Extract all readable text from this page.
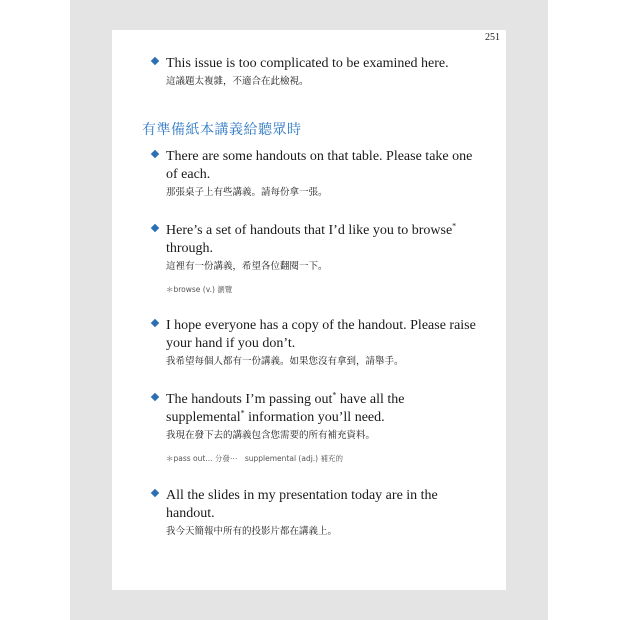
251
This issue is too complicated to be examined here.
這議題太複雜，不適合在此檢視。
有準備紙本講義給聽眾時
There are some handouts on that table. Please take one of each.
那張桌子上有些講義。請每份拿一張。
Here’s a set of handouts that I’d like you to browse* through.
這裡有一份講義，希望各位翻閱一下。
＊browse (v.) 瀏覽
I hope everyone has a copy of the handout. Please raise your hand if you don’t.
我希望每個人都有一份講義。如果您沒有拿到，請舉手。
The handouts I’m passing out* have all the supplemental* information you’ll need.
我現在發下去的講義包含您需要的所有補充資料。
＊pass out... 分發⋯　supplemental (adj.) 補充的
All the slides in my presentation today are in the handout.
我今天簡報中所有的投影片都在講義上。
